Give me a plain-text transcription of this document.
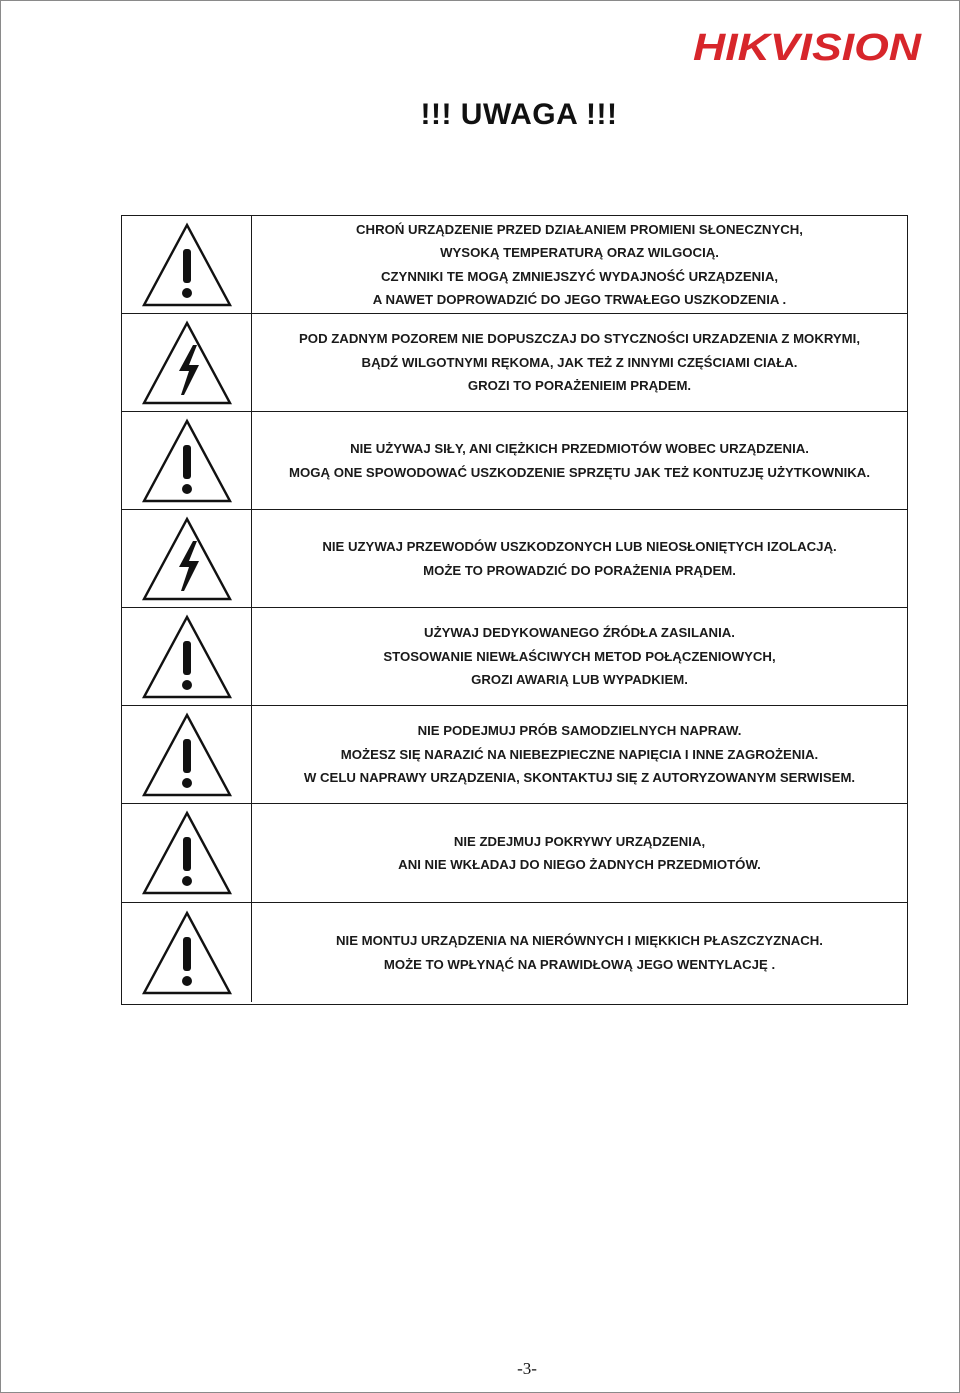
HIKVISION
!!! UWAGA !!!
CHROŃ URZĄDZENIE PRZED DZIAŁANIEM PROMIENI SŁONECZNYCH,
WYSOKĄ TEMPERATURĄ ORAZ WILGOCIĄ.
CZYNNIKI TE MOGĄ ZMNIEJSZYĆ WYDAJNOŚĆ URZĄDZENIA,
A NAWET DOPROWADZIĆ DO JEGO TRWAŁEGO USZKODZENIA .
POD ZADNYM POZOREM NIE DOPUSZCZAJ DO STYCZNOŚCI URZADZENIA Z MOKRYMI,
BĄDŹ WILGOTNYMI RĘKOMA, JAK TEŻ Z INNYMI CZĘŚCIAMI CIAŁA.
GROZI TO PORAŻENIEIM PRĄDEM.
NIE UŻYWAJ SIŁY, ANI CIĘŻKICH PRZEDMIOTÓW WOBEC URZĄDZENIA.
MOGĄ ONE SPOWODOWAĆ USZKODZENIE SPRZĘTU JAK TEŻ KONTUZJĘ UŻYTKOWNIKA.
NIE UZYWAJ PRZEWODÓW USZKODZONYCH LUB NIEOSŁONIĘTYCH IZOLACJĄ.
MOŻE TO PROWADZIĆ DO PORAŻENIA PRĄDEM.
UŻYWAJ DEDYKOWANEGO ŹRÓDŁA ZASILANIA.
STOSOWANIE NIEWŁAŚCIWYCH METOD POŁĄCZENIOWYCH,
GROZI AWARIĄ LUB WYPADKIEM.
NIE PODEJMUJ PRÓB SAMODZIELNYCH NAPRAW.
MOŻESZ SIĘ NARAZIĆ NA NIEBEZPIECZNE NAPIĘCIA I INNE ZAGROŻENIA.
W CELU NAPRAWY URZĄDZENIA, SKONTAKTUJ SIĘ Z AUTORYZOWANYM SERWISEM.
NIE ZDEJMUJ POKRYWY URZĄDZENIA,
ANI NIE WKŁADAJ DO NIEGO ŻADNYCH PRZEDMIOTÓW.
NIE MONTUJ URZĄDZENIA NA NIERÓWNYCH I MIĘKKICH PŁASZCZYZNACH.
MOŻE TO WPŁYNĄĆ NA PRAWIDŁOWĄ JEGO WENTYLACJĘ .
-3-
